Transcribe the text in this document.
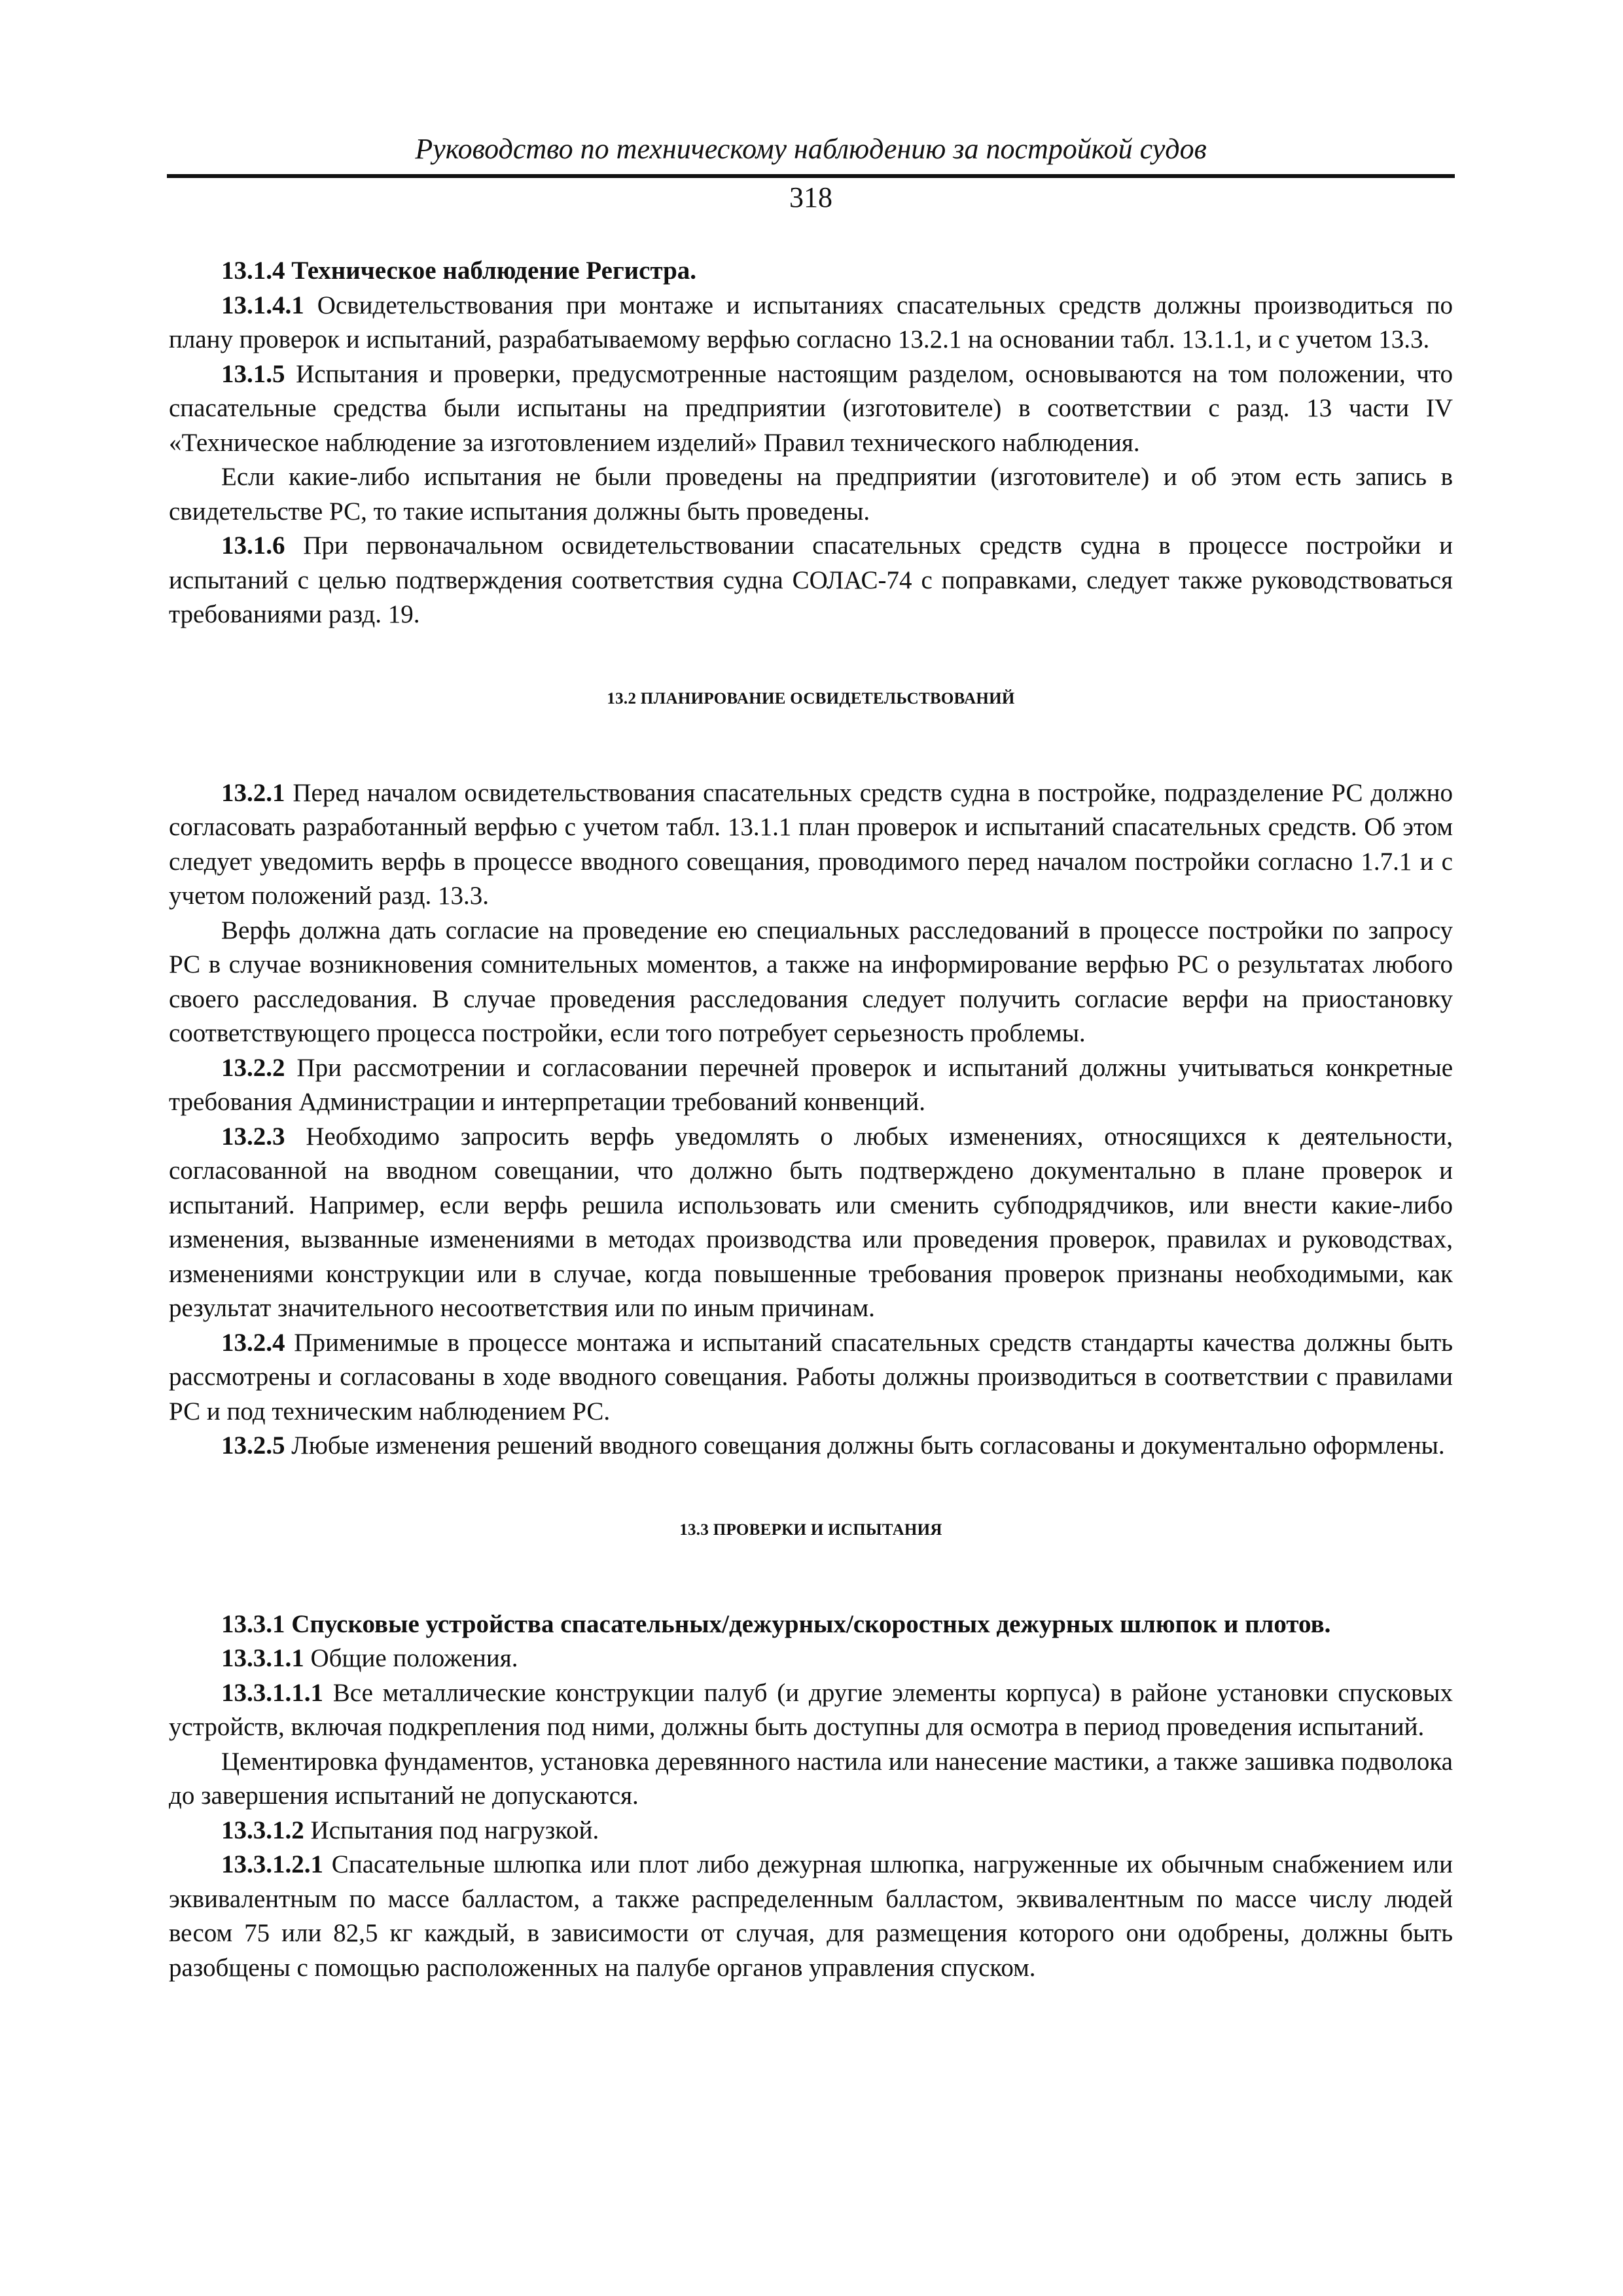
Руководство по техническому наблюдению за постройкой судов
318

13.1.4 Техническое наблюдение Регистра.

13.1.4.1 Освидетельствования при монтаже и испытаниях спасательных средств должны производиться по плану проверок и испытаний, разрабатываемому верфью согласно 13.2.1 на основании табл. 13.1.1, и с учетом 13.3.

13.1.5 Испытания и проверки, предусмотренные настоящим разделом, основываются на том положении, что спасательные средства были испытаны на предприятии (изготовителе) в соответствии с разд. 13 части IV «Техническое наблюдение за изготовлением изделий» Правил технического наблюдения.

Если какие-либо испытания не были проведены на предприятии (изготовителе) и об этом есть запись в свидетельстве РС, то такие испытания должны быть проведены.

13.1.6 При первоначальном освидетельствовании спасательных средств судна в процессе постройки и испытаний с целью подтверждения соответствия судна СОЛАС-74 с поправками, следует также руководствоваться требованиями разд. 19.

13.2 ПЛАНИРОВАНИЕ ОСВИДЕТЕЛЬСТВОВАНИЙ

13.2.1 Перед началом освидетельствования спасательных средств судна в постройке, подразделение РС должно согласовать разработанный верфью с учетом табл. 13.1.1 план проверок и испытаний спасательных средств. Об этом следует уведомить верфь в процессе вводного совещания, проводимого перед началом постройки согласно 1.7.1 и с учетом положений разд. 13.3.

Верфь должна дать согласие на проведение ею специальных расследований в процессе постройки по запросу РС в случае возникновения сомнительных моментов, а также на информирование верфью РС о результатах любого своего расследования. В случае проведения расследования следует получить согласие верфи на приостановку соответствующего процесса постройки, если того потребует серьезность проблемы.

13.2.2 При рассмотрении и согласовании перечней проверок и испытаний должны учитываться конкретные требования Администрации и интерпретации требований конвенций.

13.2.3 Необходимо запросить верфь уведомлять о любых изменениях, относящихся к деятельности, согласованной на вводном совещании, что должно быть подтверждено документально в плане проверок и испытаний. Например, если верфь решила использовать или сменить субподрядчиков, или внести какие-либо изменения, вызванные изменениями в методах производства или проведения проверок, правилах и руководствах, изменениями конструкции или в случае, когда повышенные требования проверок признаны необходимыми, как результат значительного несоответствия или по иным причинам.

13.2.4 Применимые в процессе монтажа и испытаний спасательных средств стандарты качества должны быть рассмотрены и согласованы в ходе вводного совещания. Работы должны производиться в соответствии с правилами РС и под техническим наблюдением РС.

13.2.5 Любые изменения решений вводного совещания должны быть согласованы и документально оформлены.

13.3 ПРОВЕРКИ И ИСПЫТАНИЯ

13.3.1 Спусковые устройства спасательных/дежурных/скоростных дежурных шлюпок и плотов.

13.3.1.1 Общие положения.

13.3.1.1.1 Все металлические конструкции палуб (и другие элементы корпуса) в районе установки спусковых устройств, включая подкрепления под ними, должны быть доступны для осмотра в период проведения испытаний.

Цементировка фундаментов, установка деревянного настила или нанесение мастики, а также зашивка подволока до завершения испытаний не допускаются.

13.3.1.2 Испытания под нагрузкой.

13.3.1.2.1 Спасательные шлюпка или плот либо дежурная шлюпка, нагруженные их обычным снабжением или эквивалентным по массе балластом, а также распределенным балластом, эквивалентным по массе числу людей весом 75 или 82,5 кг каждый, в зависимости от случая, для размещения которого они одобрены, должны быть разобщены с помощью расположенных на палубе органов управления спуском.
